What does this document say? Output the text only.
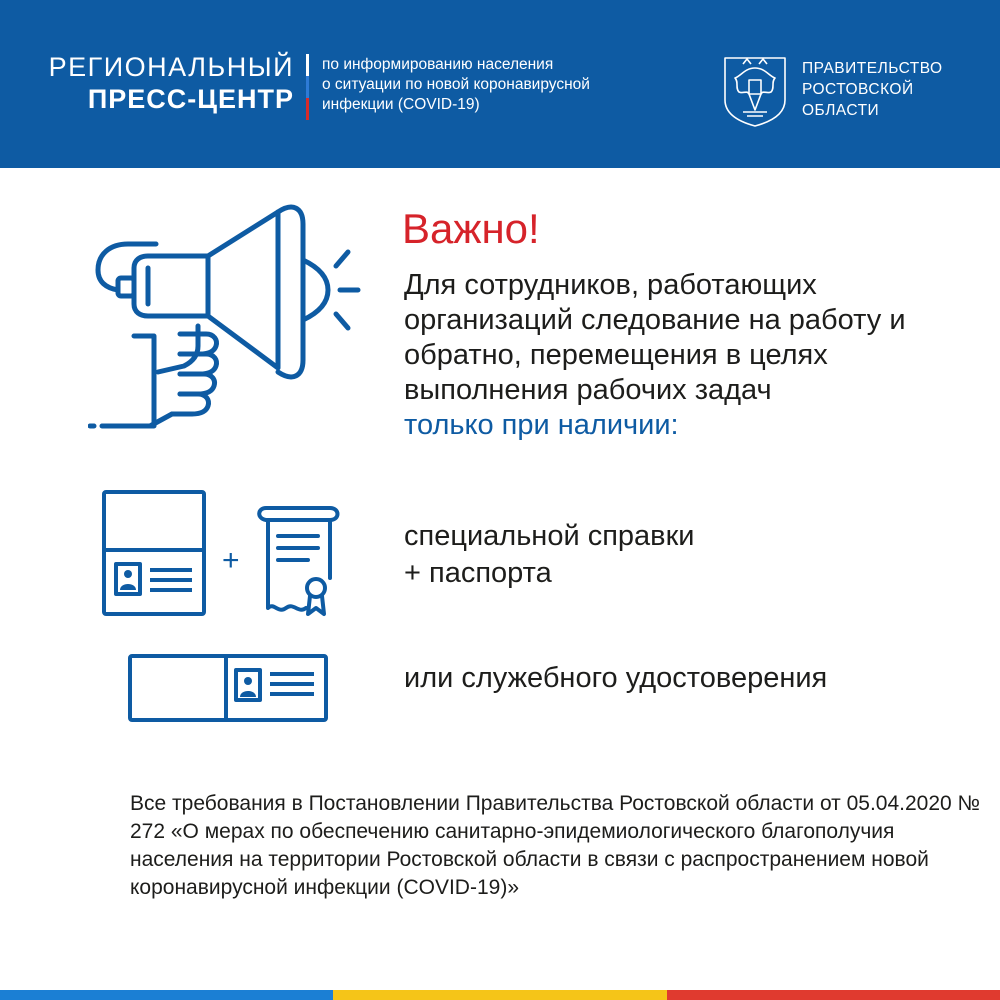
РЕГИОНАЛЬНЫЙ
ПРЕСС-ЦЕНТР
по информированию населения
о ситуации по новой коронавирусной
инфекции (COVID-19)
ПРАВИТЕЛЬСТВО
РОСТОВСКОЙ
ОБЛАСТИ
+
Важно!
Для сотрудников, работающих организаций следование на работу и обратно, перемещения в целях выполнения рабочих задач
только при наличии:
специальной справки
+ паспорта
или служебного удостоверения
Все требования в Постановлении Правительства Ростовской области от 05.04.2020 № 272 «О мерах по обеспечению санитарно-эпидемиологического благополучия населения на территории Ростовской области в связи с распространением новой коронавирусной инфекции (COVID-19)»
